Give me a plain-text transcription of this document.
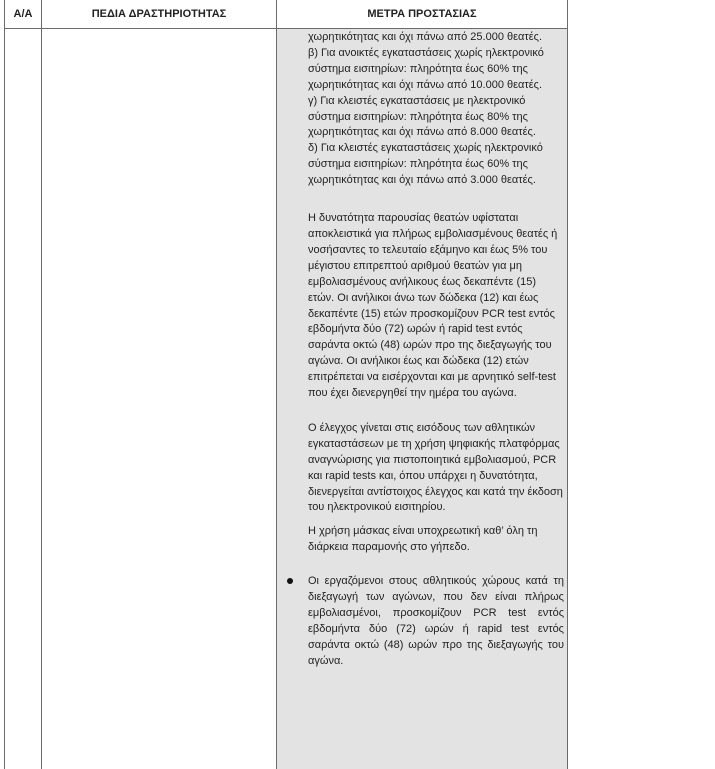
Α/Α	ΠΕΔΙΑ ΔΡΑΣΤΗΡΙΟΤΗΤΑΣ	ΜΕΤΡΑ ΠΡΟΣΤΑΣΙΑΣ

χωρητικότητας και όχι πάνω από 25.000 θεατές.

β) Για ανοικτές εγκαταστάσεις χωρίς ηλεκτρονικό σύστημα εισιτηρίων: πληρότητα έως 60% της χωρητικότητας και όχι πάνω από 10.000 θεατές.

γ) Για κλειστές εγκαταστάσεις με ηλεκτρονικό σύστημα εισιτηρίων: πληρότητα έως 80% της χωρητικότητας και όχι πάνω από 8.000 θεατές.

δ) Για κλειστές εγκαταστάσεις χωρίς ηλεκτρονικό σύστημα εισιτηρίων: πληρότητα έως 60% της χωρητικότητας και όχι πάνω από 3.000 θεατές.

Η δυνατότητα παρουσίας θεατών υφίσταται αποκλειστικά για πλήρως εμβολιασμένους θεατές ή νοσήσαντες το τελευταίο εξάμηνο και έως 5% του μέγιστου επιτρεπτού αριθμού θεατών για μη εμβολιασμένους ανήλικους έως δεκαπέντε (15) ετών. Οι ανήλικοι άνω των δώδεκα (12) και έως δεκαπέντε (15) ετών προσκομίζουν PCR test εντός εβδομήντα δύο (72) ωρών ή rapid test εντός σαράντα οκτώ (48) ωρών προ της διεξαγωγής του αγώνα. Οι ανήλικοι έως και δώδεκα (12) ετών επιτρέπεται να εισέρχονται και με αρνητικό self-test που έχει διενεργηθεί την ημέρα του αγώνα.

Ο έλεγχος γίνεται στις εισόδους των αθλητικών εγκαταστάσεων με τη χρήση ψηφιακής πλατφόρμας αναγνώρισης για πιστοποιητικά εμβολιασμού, PCR και rapid tests και, όπου υπάρχει η δυνατότητα, διενεργείται αντίστοιχος έλεγχος και κατά την έκδοση του ηλεκτρονικού εισιτηρίου.

Η χρήση μάσκας είναι υποχρεωτική καθ’ όλη τη διάρκεια παραμονής στο γήπεδο.

Οι εργαζόμενοι στους αθλητικούς χώρους κατά τη διεξαγωγή των αγώνων, που δεν είναι πλήρως εμβολιασμένοι, προσκομίζουν PCR test εντός εβδομήντα δύο (72) ωρών ή rapid test εντός σαράντα οκτώ (48) ωρών προ της διεξαγωγής του αγώνα.
